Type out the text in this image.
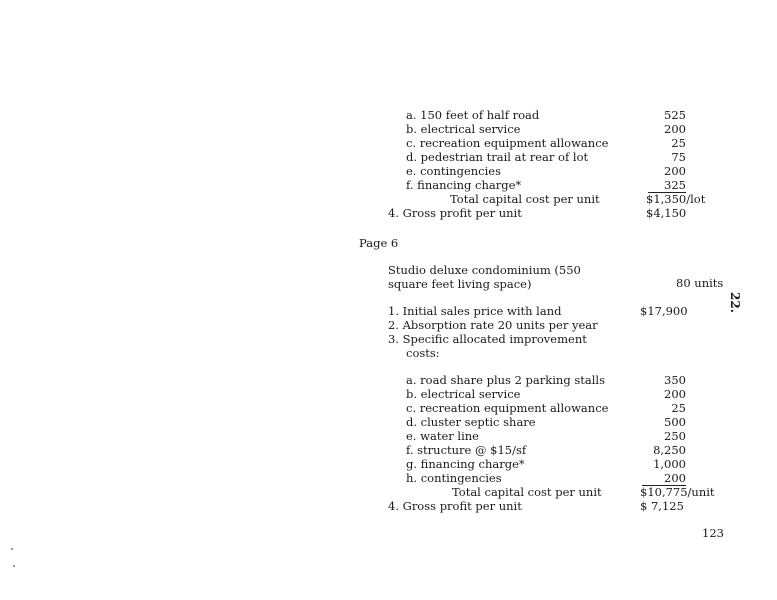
a. 150 feet of half road	525
b. electrical service	200
c. recreation equipment allowance	25
d. pedestrian trail at rear of lot	75
e. contingencies	200
f. financing charge*	325
Total capital cost per unit	$1,350/lot
4. Gross profit per unit	$4,150
Page 6
Studio deluxe condominium (550
square feet living space)	80 units
1. Initial sales price with land	$17,900
2. Absorption rate 20 units per year
3. Specific allocated improvement
costs:
a. road share plus 2 parking stalls	350
b. electrical service	200
c. recreation equipment allowance	25
d. cluster septic share	500
e. water line	250
f. structure @ $15/sf	8,250
g. financing charge*	1,000
h. contingencies	200
Total capital cost per unit	$10,775/unit
4. Gross profit per unit	$ 7,125
22.
123
